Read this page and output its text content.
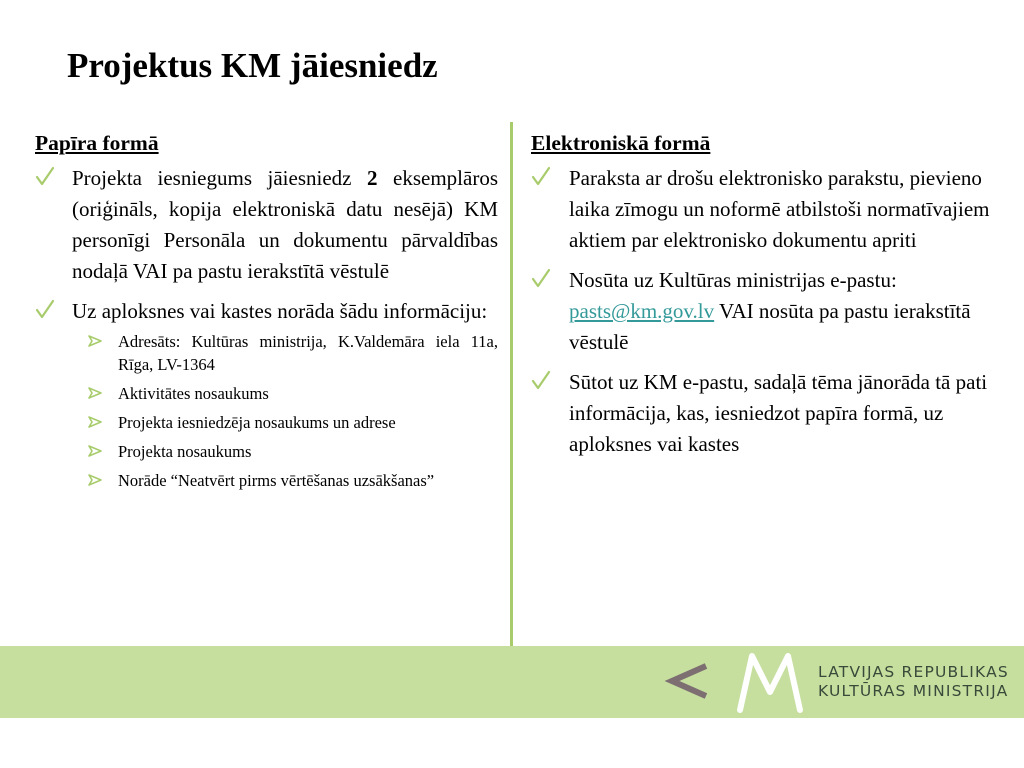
Projektus KM jāiesniedz

Papīra formā

Projekta iesniegums jāiesniedz 2 eksemplāros (oriģināls, kopija elektroniskā datu nesējā) KM personīgi Personāla un dokumentu pārvaldības nodaļā VAI pa pastu ierakstītā vēstulē
Uz aploksnes vai kastes norāda šādu informāciju:
Adresāts: Kultūras ministrija, K.Valdemāra iela 11a, Rīga, LV-1364
Aktivitātes nosaukums
Projekta iesniedzēja nosaukums un adrese
Projekta nosaukums
Norāde “Neatvērt pirms vērtēšanas uzsākšanas”

Elektroniskā formā

Paraksta ar drošu elektronisko parakstu, pievieno laika zīmogu un noformē atbilstoši normatīvajiem aktiem par elektronisko dokumentu apriti
Nosūta uz Kultūras ministrijas e-pastu: pasts@km.gov.lv VAI nosūta pa pastu ierakstītā vēstulē
Sūtot uz KM e-pastu, sadaļā tēma jānorāda tā pati informācija, kas, iesniedzot papīra formā, uz aploksnes vai kastes
LATVIJAS REPUBLIKAS
KULTŪRAS MINISTRIJA
